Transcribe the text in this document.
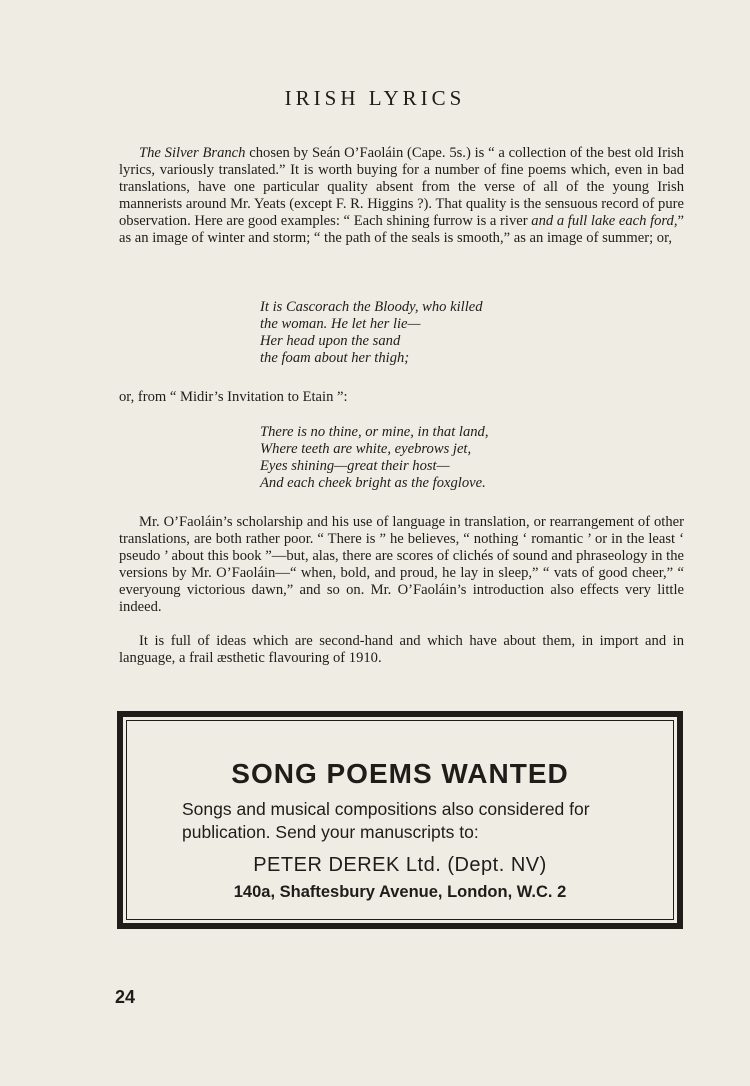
IRISH LYRICS

The Silver Branch chosen by Seán O’Faoláin (Cape. 5s.) is “ a collection of the best old Irish lyrics, variously translated.” It is worth buying for a number of fine poems which, even in bad translations, have one particular quality absent from the verse of all of the young Irish mannerists around Mr. Yeats (except F. R. Higgins ?). That quality is the sensuous record of pure observation. Here are good examples: “ Each shining furrow is a river and a full lake each ford,” as an image of winter and storm; “ the path of the seals is smooth,” as an image of summer; or,

It is Cascorach the Bloody, who killed
the woman. He let her lie—
Her head upon the sand
the foam about her thigh;

or, from “ Midir’s Invitation to Etain ”:

There is no thine, or mine, in that land,
Where teeth are white, eyebrows jet,
Eyes shining—great their host—
And each cheek bright as the foxglove.

Mr. O’Faoláin’s scholarship and his use of language in translation, or rearrangement of other translations, are both rather poor. “ There is ” he believes, “ nothing ‘ romantic ’ or in the least ‘ pseudo ’ about this book ”—but, alas, there are scores of clichés of sound and phraseology in the versions by Mr. O’Faoláin—“ when, bold, and proud, he lay in sleep,” “ vats of good cheer,” “ everyoung victorious dawn,” and so on. Mr. O’Faoláin’s introduction also effects very little indeed.

It is full of ideas which are second-hand and which have about them, in import and in language, a frail æsthetic flavouring of 1910.

SONG POEMS WANTED

Songs and musical compositions also considered for publication. Send your manuscripts to:

PETER DEREK Ltd. (Dept. NV)

140a, Shaftesbury Avenue, London, W.C. 2

24
